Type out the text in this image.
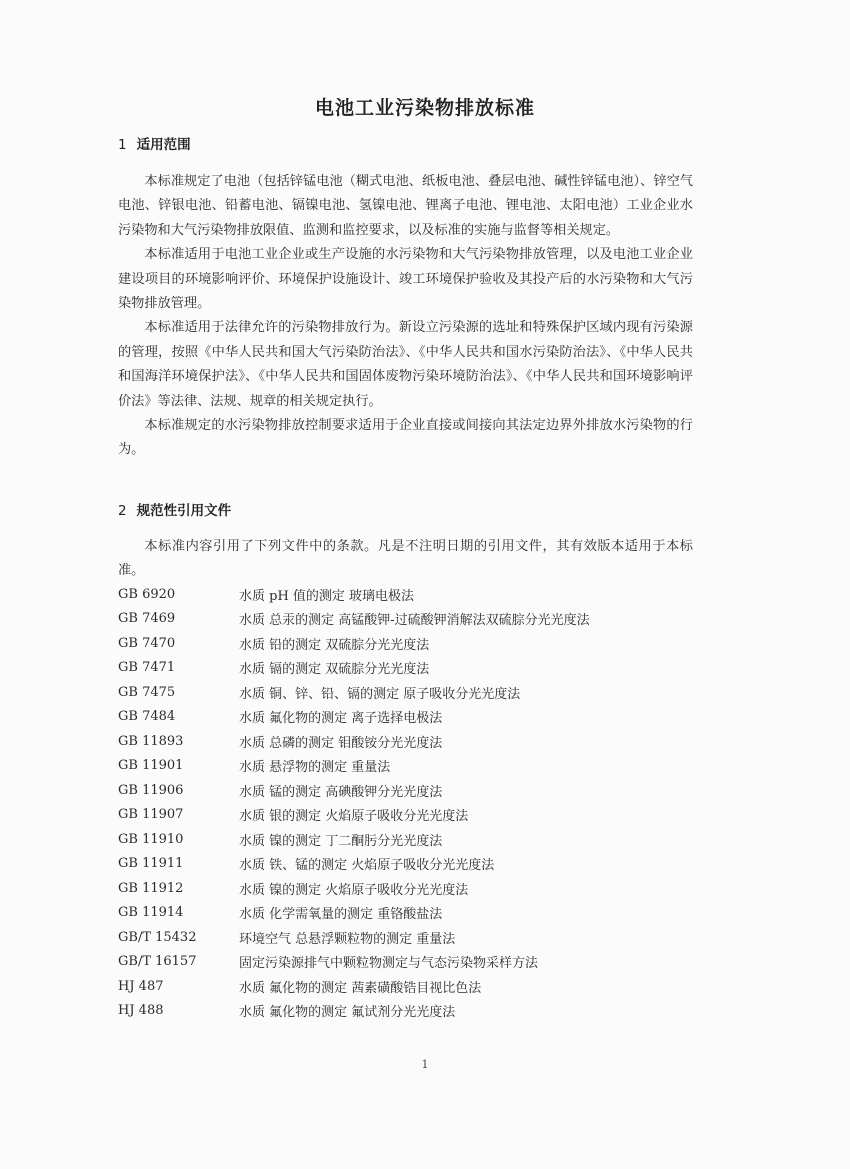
电池工业污染物排放标准
1 适用范围

本标准规定了电池（包括锌锰电池（糊式电池、纸板电池、叠层电池、碱性锌锰电池）、锌空气电池、锌银电池、铅蓄电池、镉镍电池、氢镍电池、锂离子电池、锂电池、太阳电池）工业企业水污染物和大气污染物排放限值、监测和监控要求，以及标准的实施与监督等相关规定。

本标准适用于电池工业企业或生产设施的水污染物和大气污染物排放管理，以及电池工业企业建设项目的环境影响评价、环境保护设施设计、竣工环境保护验收及其投产后的水污染物和大气污染物排放管理。

本标准适用于法律允许的污染物排放行为。新设立污染源的选址和特殊保护区域内现有污染源的管理，按照《中华人民共和国大气污染防治法》、《中华人民共和国水污染防治法》、《中华人民共和国海洋环境保护法》、《中华人民共和国固体废物污染环境防治法》、《中华人民共和国环境影响评价法》等法律、法规、规章的相关规定执行。

本标准规定的水污染物排放控制要求适用于企业直接或间接向其法定边界外排放水污染物的行为。

2 规范性引用文件

本标准内容引用了下列文件中的条款。凡是不注明日期的引用文件，其有效版本适用于本标准。

GB 6920	水质 pH 值的测定 玻璃电极法
GB 7469	水质 总汞的测定 高锰酸钾-过硫酸钾消解法双硫腙分光光度法
GB 7470	水质 铅的测定 双硫腙分光光度法
GB 7471	水质 镉的测定 双硫腙分光光度法
GB 7475	水质 铜、锌、铅、镉的测定 原子吸收分光光度法
GB 7484	水质 氟化物的测定 离子选择电极法
GB 11893	水质 总磷的测定 钼酸铵分光光度法
GB 11901	水质 悬浮物的测定 重量法
GB 11906	水质 锰的测定 高碘酸钾分光光度法
GB 11907	水质 银的测定 火焰原子吸收分光光度法
GB 11910	水质 镍的测定 丁二酮肟分光光度法
GB 11911	水质 铁、锰的测定 火焰原子吸收分光光度法
GB 11912	水质 镍的测定 火焰原子吸收分光光度法
GB 11914	水质 化学需氧量的测定 重铬酸盐法
GB/T 15432	环境空气 总悬浮颗粒物的测定 重量法
GB/T 16157	固定污染源排气中颗粒物测定与气态污染物采样方法
HJ 487	水质 氟化物的测定 茜素磺酸锆目视比色法
HJ 488	水质 氟化物的测定 氟试剂分光光度法
1
